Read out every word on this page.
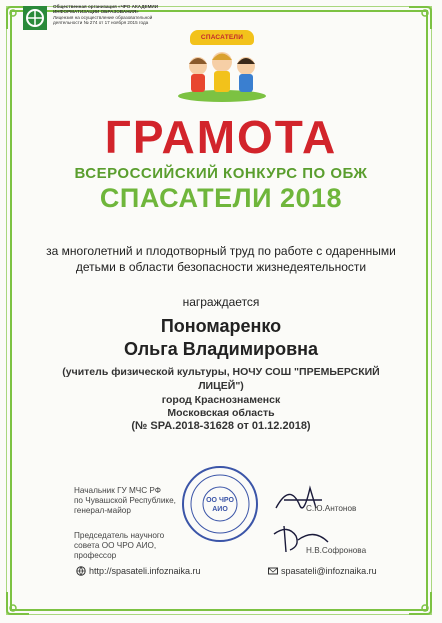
Общественная организация «ЧРО АКАДЕМИИ
ИНФОРМАТИЗАЦИИ ОБРАЗОВАНИЯ»
Лицензия на осуществление образовательной
деятельности № 274 от 17 ноября 2015 года
СПАСАТЕЛИ
ГРАМОТА
ВСЕРОССИЙСКИЙ КОНКУРС ПО ОБЖ
СПАСАТЕЛИ 2018
за многолетний и плодотворный труд по работе с одаренными детьми в области безопасности жизнедеятельности
награждается
Пономаренко
Ольга Владимировна
(учитель физической культуры, НОЧУ СОШ "ПРЕМЬЕРСКИЙ ЛИЦЕЙ")
город Краснознаменск
Московская область
(№ SPA.2018-31628 от 01.12.2018)
Начальник ГУ МЧС РФ
по Чувашской Республике,
генерал-майор
Председатель научного
совета ОО ЧРО АИО,
профессор
ОО ЧРО
АИО	С.Ю.Антонов
Н.В.Софронова
http://spasateli.infoznaika.ru	spasateli@infoznaika.ru
